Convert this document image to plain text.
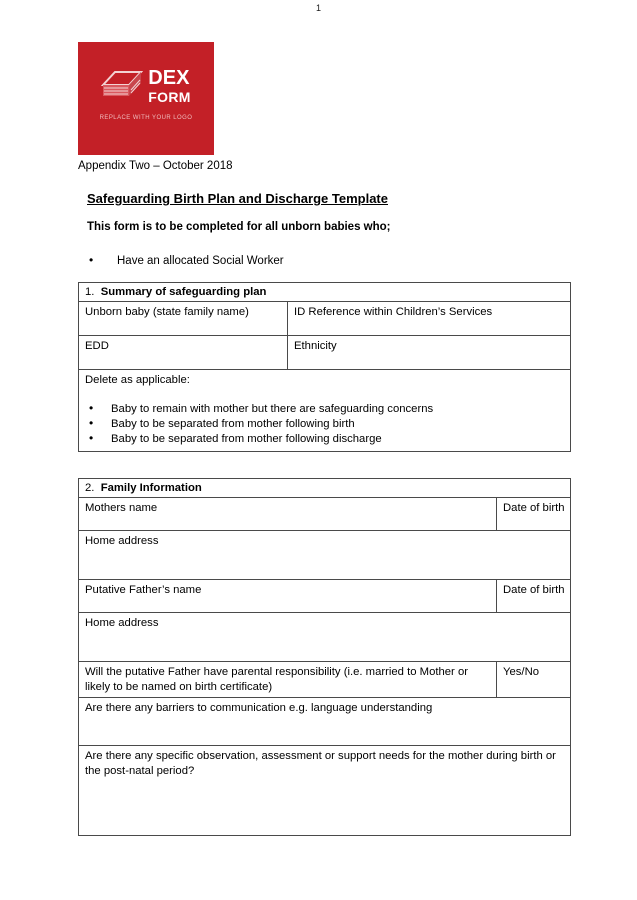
1
DEX
FORM
REPLACE WITH YOUR LOGO
Appendix Two – October 2018
Safeguarding Birth Plan and Discharge Template
This form is to be completed for all unborn babies who;
• Have an allocated Social Worker
1. Summary of safeguarding plan	
Unborn baby (state family name)	ID Reference within Children’s Services
EDD	Ethnicity

Delete as applicable:

• Baby to remain with mother but there are safeguarding concerns
• Baby to be separated from mother following birth
• Baby to be separated from mother following discharge
2. Family Information	
Mothers name	Date of birth
Home address	
Putative Father’s name	Date of birth
Home address	
Will the putative Father have parental responsibility (i.e. married to Mother or likely to be named on birth certificate)	Yes/No
Are there any barriers to communication e.g. language understanding	
Are there any specific observation, assessment or support needs for the mother during birth or the post-natal period?	
